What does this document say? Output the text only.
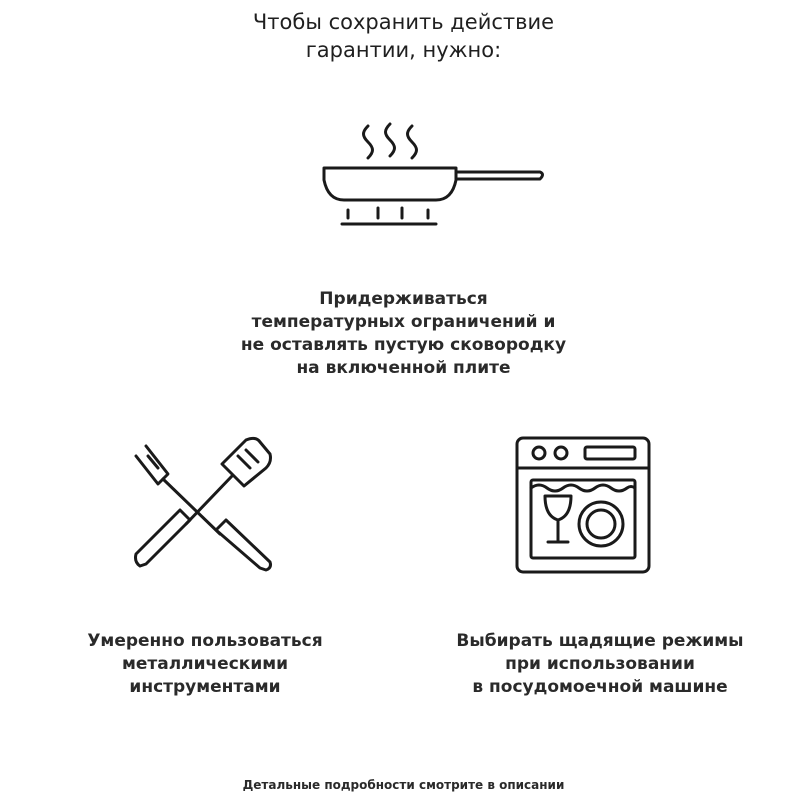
Чтобы сохранить действие
гарантии, нужно:
Придерживаться
температурных ограничений и
не оставлять пустую сковородку
на включенной плите
Умеренно пользоваться
металлическими
инструментами
Выбирать щадящие режимы
при использовании
в посудомоечной машине
Детальные подробности смотрите в описании
